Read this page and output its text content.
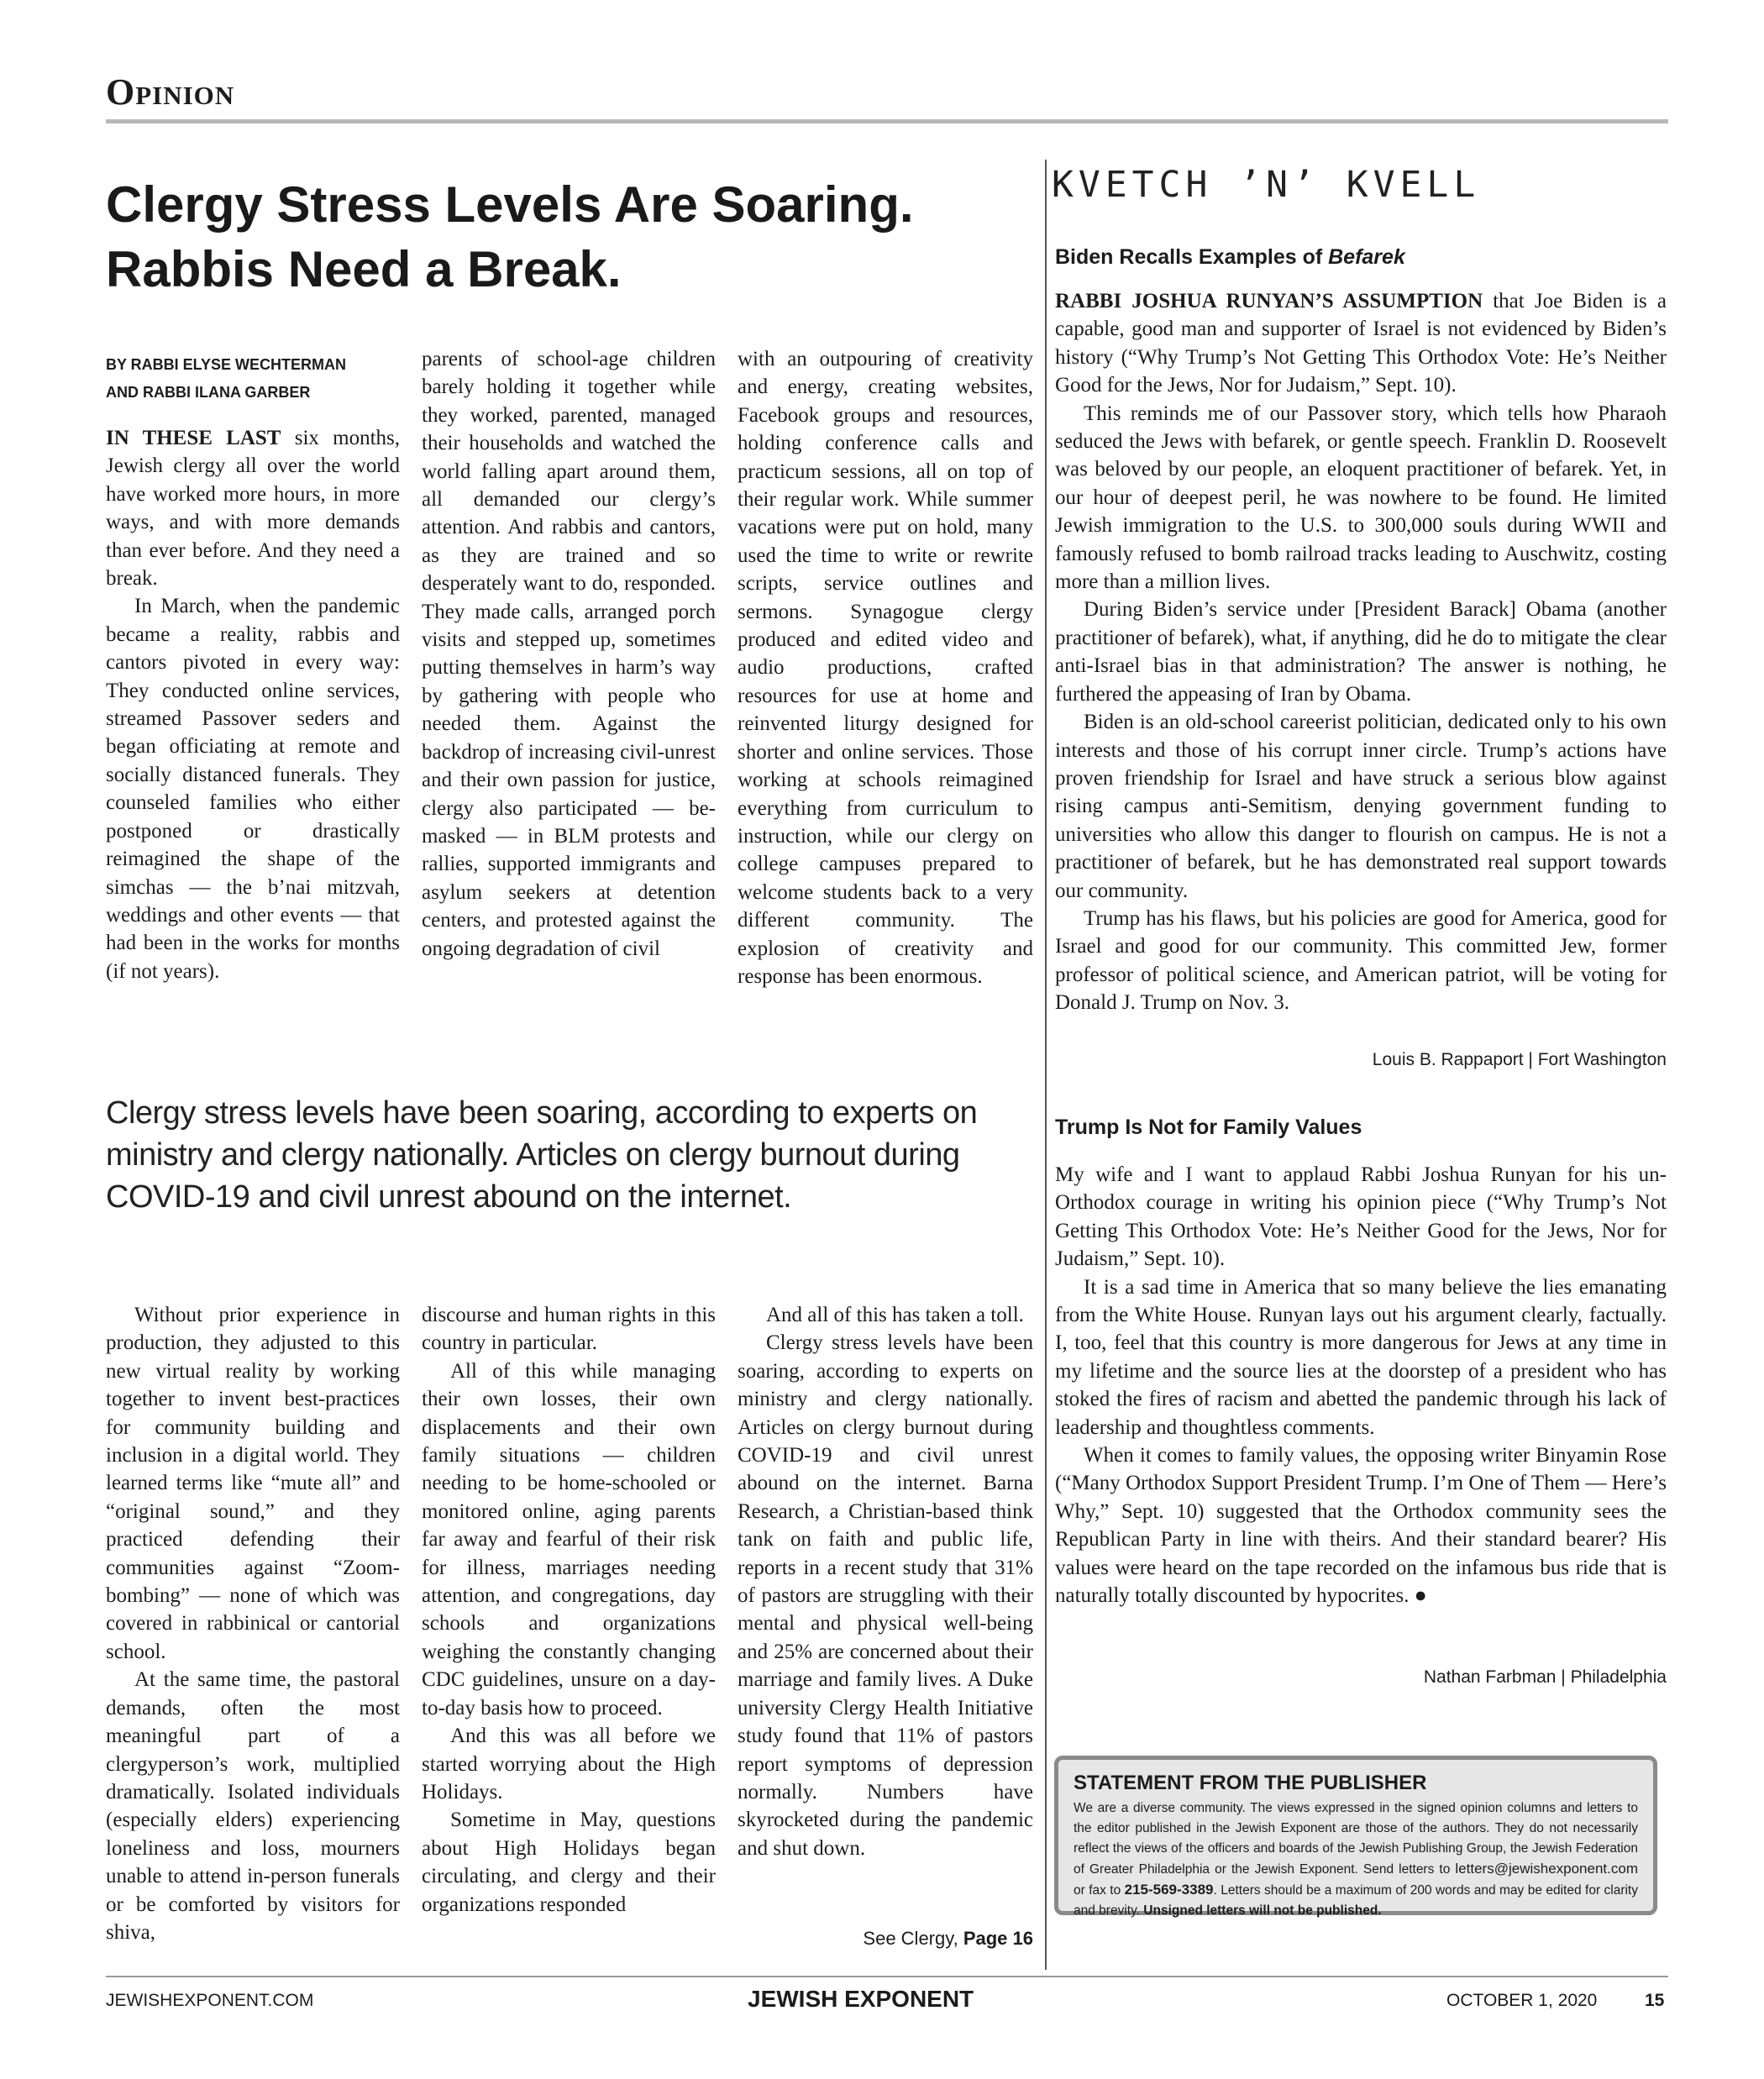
Opinion
Clergy Stress Levels Are Soaring.
Rabbis Need a Break.
BY RABBI ELYSE WECHTERMAN
AND RABBI ILANA GARBER

IN THESE LAST six months, Jewish clergy all over the world have worked more hours, in more ways, and with more demands than ever before. And they need a break.

In March, when the pandemic became a reality, rabbis and cantors pivoted in every way: They conducted online services, streamed Passover seders and began officiating at remote and socially distanced funerals. They counseled families who either postponed or drastically reimagined the shape of the simchas — the b’nai mitzvah, weddings and other events — that had been in the works for months (if not years).

parents of school-age children barely holding it together while they worked, parented, managed their households and watched the world falling apart around them, all demanded our clergy’s attention. And rabbis and cantors, as they are trained and so desperately want to do, responded. They made calls, arranged porch visits and stepped up, sometimes putting themselves in harm’s way by gathering with people who needed them. Against the backdrop of increasing civil-unrest and their own passion for justice, clergy also participated — be-masked — in BLM protests and rallies, supported immigrants and asylum seekers at detention centers, and protested against the ongoing degradation of civil

with an outpouring of creativity and energy, creating websites, Facebook groups and resources, holding conference calls and practicum sessions, all on top of their regular work. While summer vacations were put on hold, many used the time to write or rewrite scripts, service outlines and sermons. Synagogue clergy produced and edited video and audio productions, crafted resources for use at home and reinvented liturgy designed for shorter and online services. Those working at schools reimagined everything from curriculum to instruction, while our clergy on college campuses prepared to welcome students back to a very different community. The explosion of creativity and response has been enormous.

Clergy stress levels have been soaring, according to experts on ministry and clergy nationally. Articles on clergy burnout during COVID-19 and civil unrest abound on the internet.

Without prior experience in production, they adjusted to this new virtual reality by working together to invent best-practices for community building and inclusion in a digital world. They learned terms like “mute all” and “original sound,” and they practiced defending their communities against “Zoom-bombing” — none of which was covered in rabbinical or cantorial school.

At the same time, the pastoral demands, often the most meaningful part of a clergyperson’s work, multiplied dramatically. Isolated individuals (especially elders) experiencing loneliness and loss, mourners unable to attend in-person funerals or be comforted by visitors for shiva,

discourse and human rights in this country in particular.

All of this while managing their own losses, their own displacements and their own family situations — children needing to be home-schooled or monitored online, aging parents far away and fearful of their risk for illness, marriages needing attention, and congregations, day schools and organizations weighing the constantly changing CDC guidelines, unsure on a day-to-day basis how to proceed.

And this was all before we started worrying about the High Holidays.

Sometime in May, questions about High Holidays began circulating, and clergy and their organizations responded

And all of this has taken a toll.

Clergy stress levels have been soaring, according to experts on ministry and clergy nationally. Articles on clergy burnout during COVID-19 and civil unrest abound on the internet. Barna Research, a Christian-based think tank on faith and public life, reports in a recent study that 31% of pastors are struggling with their mental and physical well-being and 25% are concerned about their marriage and family lives. A Duke university Clergy Health Initiative study found that 11% of pastors report symptoms of depression normally. Numbers have skyrocketed during the pandemic and shut down.

See Clergy, Page 16
KVETCH ’N’ KVELL
Biden Recalls Examples of Befarek

RABBI JOSHUA RUNYAN’S ASSUMPTION that Joe Biden is a capable, good man and supporter of Israel is not evidenced by Biden’s history (“Why Trump’s Not Getting This Orthodox Vote: He’s Neither Good for the Jews, Nor for Judaism,” Sept. 10).

This reminds me of our Passover story, which tells how Pharaoh seduced the Jews with befarek, or gentle speech. Franklin D. Roosevelt was beloved by our people, an eloquent practitioner of befarek. Yet, in our hour of deepest peril, he was nowhere to be found. He limited Jewish immigration to the U.S. to 300,000 souls during WWII and famously refused to bomb railroad tracks leading to Auschwitz, costing more than a million lives.

During Biden’s service under [President Barack] Obama (another practitioner of befarek), what, if anything, did he do to mitigate the clear anti-Israel bias in that administration? The answer is nothing, he furthered the appeasing of Iran by Obama.

Biden is an old-school careerist politician, dedicated only to his own interests and those of his corrupt inner circle. Trump’s actions have proven friendship for Israel and have struck a serious blow against rising campus anti-Semitism, denying government funding to universities who allow this danger to flourish on campus. He is not a practitioner of befarek, but he has demonstrated real support towards our community.

Trump has his flaws, but his policies are good for America, good for Israel and good for our community. This committed Jew, former professor of political science, and American patriot, will be voting for Donald J. Trump on Nov. 3.

Louis B. Rappaport | Fort Washington
Trump Is Not for Family Values

My wife and I want to applaud Rabbi Joshua Runyan for his un-Orthodox courage in writing his opinion piece (“Why Trump’s Not Getting This Orthodox Vote: He’s Neither Good for the Jews, Nor for Judaism,” Sept. 10).

It is a sad time in America that so many believe the lies emanating from the White House. Runyan lays out his argument clearly, factually. I, too, feel that this country is more dangerous for Jews at any time in my lifetime and the source lies at the doorstep of a president who has stoked the fires of racism and abetted the pandemic through his lack of leadership and thoughtless comments.

When it comes to family values, the opposing writer Binyamin Rose (“Many Orthodox Support President Trump. I’m One of Them — Here’s Why,” Sept. 10) suggested that the Orthodox community sees the Republican Party in line with theirs. And their standard bearer? His values were heard on the tape recorded on the infamous bus ride that is naturally totally discounted by hypocrites. ●

Nathan Farbman | Philadelphia
STATEMENT FROM THE PUBLISHER
We are a diverse community. The views expressed in the signed opinion columns and letters to the editor published in the Jewish Exponent are those of the authors. They do not necessarily reflect the views of the officers and boards of the Jewish Publishing Group, the Jewish Federation of Greater Philadelphia or the Jewish Exponent. Send letters to letters@jewishexponent.com or fax to 215-569-3389. Letters should be a maximum of 200 words and may be edited for clarity and brevity. Unsigned letters will not be published.
JEWISHEXPONENT.COM	JEWISH EXPONENT	OCTOBER 1, 2020	15
